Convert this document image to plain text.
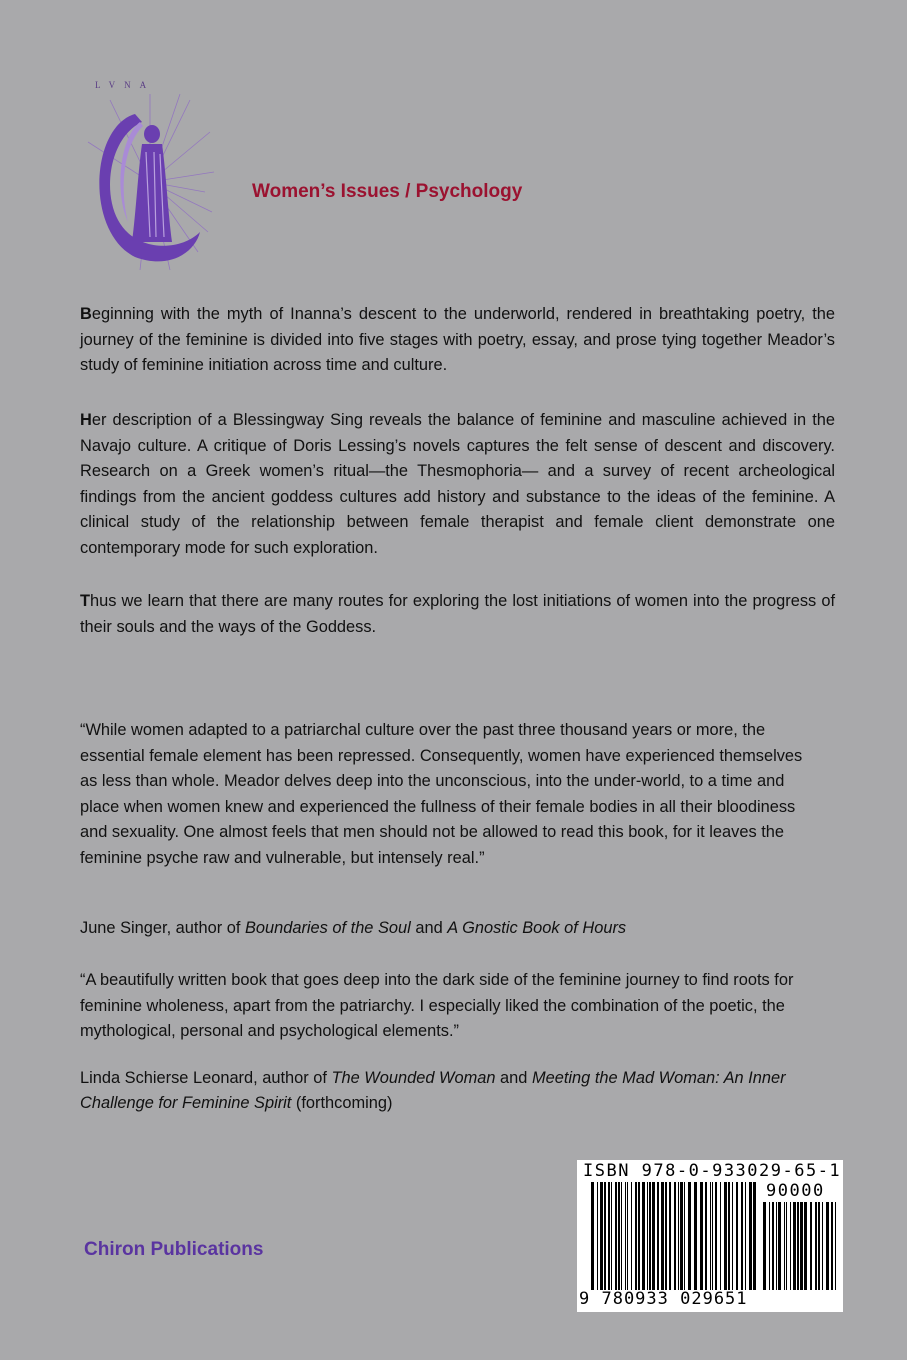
LVNA
Women’s Issues / Psychology

Beginning with the myth of Inanna’s descent to the underworld, rendered in breathtaking poetry, the journey of the feminine is divided into five stages with poetry, essay, and prose tying together Meador’s study of feminine initiation across time and culture.

Her description of a Blessingway Sing reveals the balance of feminine and masculine achieved in the Navajo culture. A critique of Doris Lessing’s novels captures the felt sense of descent and discovery. Research on a Greek women’s ritual—the Thesmophoria— and a survey of recent archeological findings from the ancient goddess cultures add history and substance to the ideas of the feminine. A clinical study of the relationship between female therapist and female client demonstrate one contemporary mode for such exploration.

Thus we learn that there are many routes for exploring the lost initiations of women into the progress of their souls and the ways of the Goddess.

“While women adapted to a patriarchal culture over the past three thousand years or more, the essential female element has been repressed. Consequently, women have experienced themselves as less than whole. Meador delves deep into the unconscious, into the under-world, to a time and place when women knew and experienced the fullness of their female bodies in all their bloodiness and sexuality. One almost feels that men should not be allowed to read this book, for it leaves the feminine psyche raw and vulnerable, but intensely real.”

June Singer, author of Boundaries of the Soul and A Gnostic Book of Hours

“A beautifully written book that goes deep into the dark side of the feminine journey to find roots for feminine wholeness, apart from the patriarchy. I especially liked the combination of the poetic, the mythological, personal and psychological elements.”

Linda Schierse Leonard, author of The Wounded Woman and Meeting the Mad Woman: An Inner Challenge for Feminine Spirit (forthcoming)

Chiron Publications
ISBN 978-0-933029-65-1
90000
9 780933 029651
